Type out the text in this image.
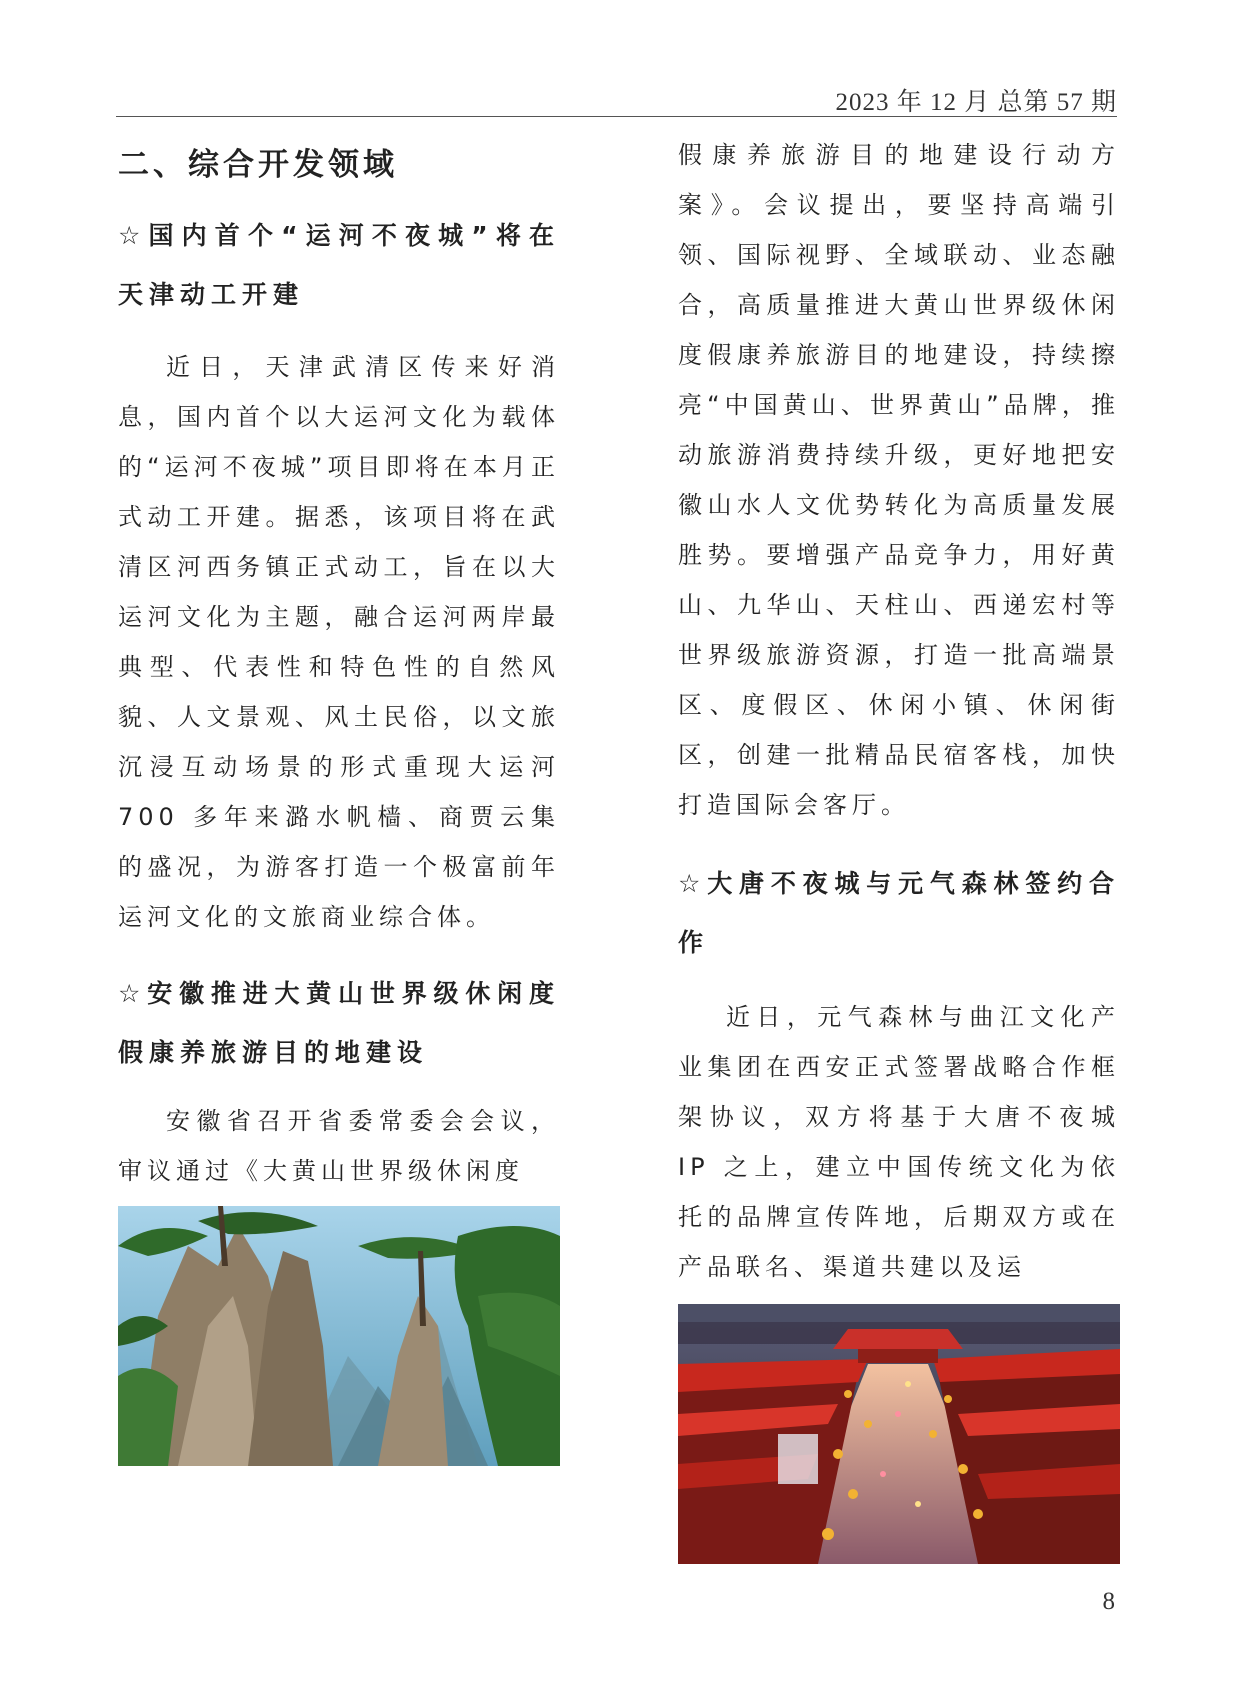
2023 年 12 月 总第 57 期
二、综合开发领域
☆国内首个“运河不夜城”将在天津动工开建

近日，天津武清区传来好消息，国内首个以大运河文化为载体的“运河不夜城”项目即将在本月正式动工开建。据悉，该项目将在武清区河西务镇正式动工，旨在以大运河文化为主题，融合运河两岸最典型、代表性和特色性的自然风貌、人文景观、风土民俗，以文旅沉浸互动场景的形式重现大运河 700 多年来潞水帆樯、商贾云集的盛况，为游客打造一个极富前年运河文化的文旅商业综合体。

☆安徽推进大黄山世界级休闲度假康养旅游目的地建设

安徽省召开省委常委会会议，审议通过《大黄山世界级休闲度

假康养旅游目的地建设行动方案》。会议提出，要坚持高端引领、国际视野、全域联动、业态融合，高质量推进大黄山世界级休闲度假康养旅游目的地建设，持续擦亮“中国黄山、世界黄山”品牌，推动旅游消费持续升级，更好地把安徽山水人文优势转化为高质量发展胜势。要增强产品竞争力，用好黄山、九华山、天柱山、西递宏村等世界级旅游资源，打造一批高端景区、度假区、休闲小镇、休闲街区，创建一批精品民宿客栈，加快打造国际会客厅。

☆大唐不夜城与元气森林签约合作

近日，元气森林与曲江文化产业集团在西安正式签署战略合作框架协议，双方将基于大唐不夜城 IP 之上，建立中国传统文化为依托的品牌宣传阵地，后期双方或在产品联名、渠道共建以及运

8
